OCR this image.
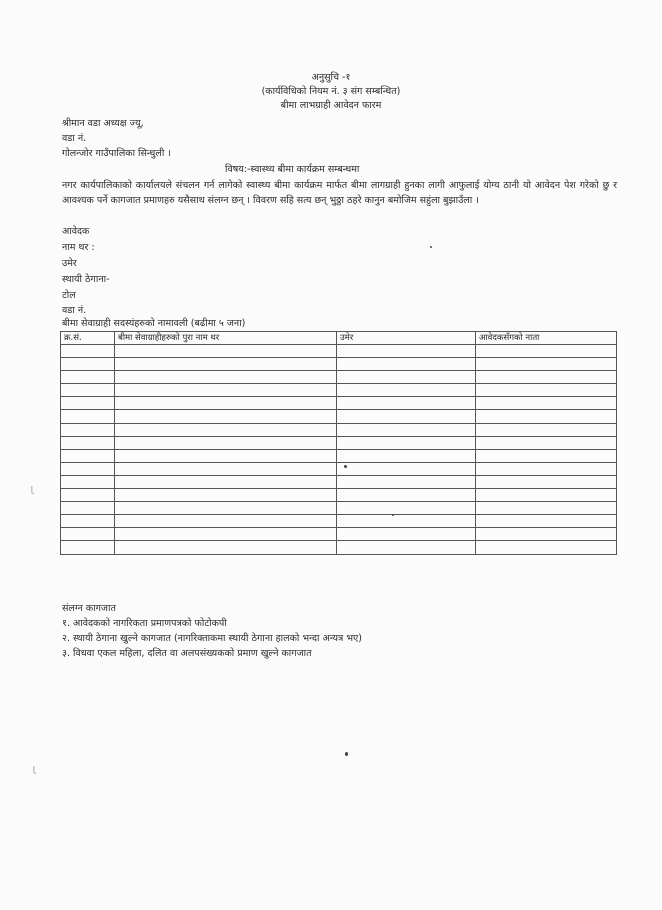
अनुसुचि -१
(कार्यविधिको नियम नं. ३ संग सम्बन्धित)
बीमा लाभग्राही आवेदन फारम
श्रीमान वडा अध्यक्ष ज्यू,
वडा नं.
गोलन्जोर गाउँपालिका सिन्धुली ।
विषय:-स्वास्थ्य बीमा कार्यक्रम सम्बन्धमा
नगर कार्यपालिकाको कार्यालयले संचलन गर्न लागेको स्वास्थ्य बीमा कार्यक्रम मार्फत बीमा लागग्राही हुनका लागी आफुलाई योग्य ठानी यो आवेदन पेश गरेको छु र आवश्यक पर्ने कागजात प्रमाणहरु यसैसाथ संलग्न छन् । विवरण सहि सत्य छन् भुठ्ठा ठहरे कानुन बमोजिम सहुंला बुझाउँला ।
आवेदक
नाम थर :
उमेर
स्थायी ठेगाना-
टोल
वडा नं.
बीमा सेवाग्राही सदस्यंहरुको नामावली (बढीमा ५ जना)
क्र.सं.	बीमा सेवाग्राहीहरुको पुरा नाम थर	उमेर	आवेदकसँगको नाता

संलग्न कागजात
१. आवेदकको नागरिकता प्रमाणपत्रको फोटोकपी
२. स्थायी ठेगाना खुल्ने कागजात (नागरिक्ताकमा स्थायी ठेगाना हालको भन्दा अन्यत्र भए)
३. विधवा एकल महिला, दलित वा अलपसंख्यकको प्रमाण खुल्ने कागजात
ɩ
ɩ
